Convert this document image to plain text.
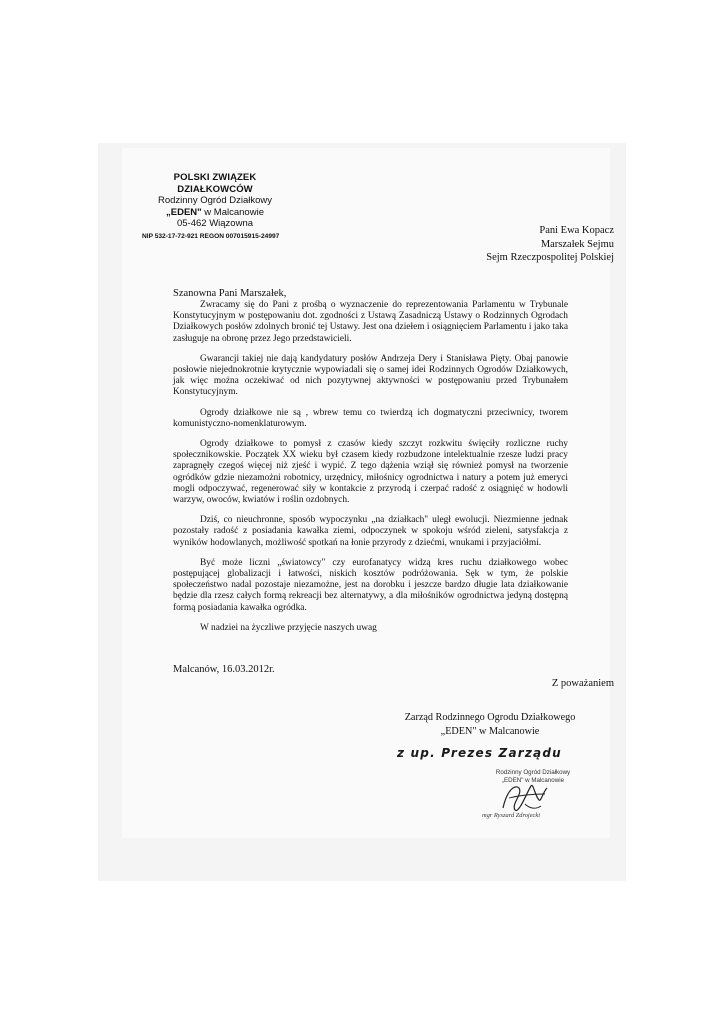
POLSKI ZWIĄZEK DZIAŁKOWCÓW
Rodzinny Ogród Działkowy
„EDEN" w Malcanowie
05-462 Wiązowna
NIP 532-17-72-921 REGON 007015915-24997	Pani Ewa Kopacz
Marszałek Sejmu
Sejm Rzeczpospolitej Polskiej
Szanowna Pani Marszałek,

Zwracamy się do Pani z prośbą o wyznaczenie do reprezentowania Parlamentu w Trybunale Konstytucyjnym w postępowaniu dot. zgodności z Ustawą Zasadniczą Ustawy o Rodzinnych Ogrodach Działkowych posłów zdolnych bronić tej Ustawy. Jest ona dziełem i osiągnięciem Parlamentu i jako taka zasługuje na obronę przez Jego przedstawicieli.

Gwarancji takiej nie dają kandydatury posłów Andrzeja Dery i Stanisława Pięty. Obaj panowie posłowie niejednokrotnie krytycznie wypowiadali się o samej idei Rodzinnych Ogrodów Działkowych, jak więc można oczekiwać od nich pozytywnej aktywności w postępowaniu przed Trybunałem Konstytucyjnym.

Ogrody działkowe nie są , wbrew temu co twierdzą ich dogmatyczni przeciwnicy, tworem komunistyczno-nomenklaturowym.

Ogrody działkowe to pomysł z czasów kiedy szczyt rozkwitu święciły rozliczne ruchy społecznikowskie. Początek XX wieku był czasem kiedy rozbudzone intelektualnie rzesze ludzi pracy zapragnęły czegoś więcej niż zjeść i wypić. Z tego dążenia wziął się również pomysł na tworzenie ogródków gdzie niezamożni robotnicy, urzędnicy, miłośnicy ogrodnictwa i natury a potem już emeryci mogli odpoczywać, regenerować siły w kontakcie z przyrodą i czerpać radość z osiągnięć w hodowli warzyw, owoców, kwiatów i roślin ozdobnych.

Dziś, co nieuchronne, sposób wypoczynku „na działkach" uległ ewolucji. Niezmienne jednak pozostały radość z posiadania kawałka ziemi, odpoczynek w spokoju wśród zieleni, satysfakcja z wyników hodowlanych, możliwość spotkań na łonie przyrody z dziećmi, wnukami i przyjaciółmi.

Być może liczni „światowcy" czy eurofanatycy widzą kres ruchu działkowego wobec postępującej globalizacji i łatwości, niskich kosztów podróżowania. Sęk w tym, że polskie społeczeństwo nadal pozostaje niezamożne, jest na dorobku i jeszcze bardzo długie lata działkowanie będzie dla rzesz całych formą rekreacji bez alternatywy, a dla miłośników ogrodnictwa jedyną dostępną formą posiadania kawałka ogródka.

W nadziei na życzliwe przyjęcie naszych uwag

Malcanów, 16.03.2012r.
Z poważaniem
Zarząd Rodzinnego Ogrodu Działkowego
„EDEN" w Malcanowie
z up. Prezes Zarządu
Rodzinny Ogród Działkowy
„EDEN" w Malcanowie
mgr Ryszard Zdrojecki
